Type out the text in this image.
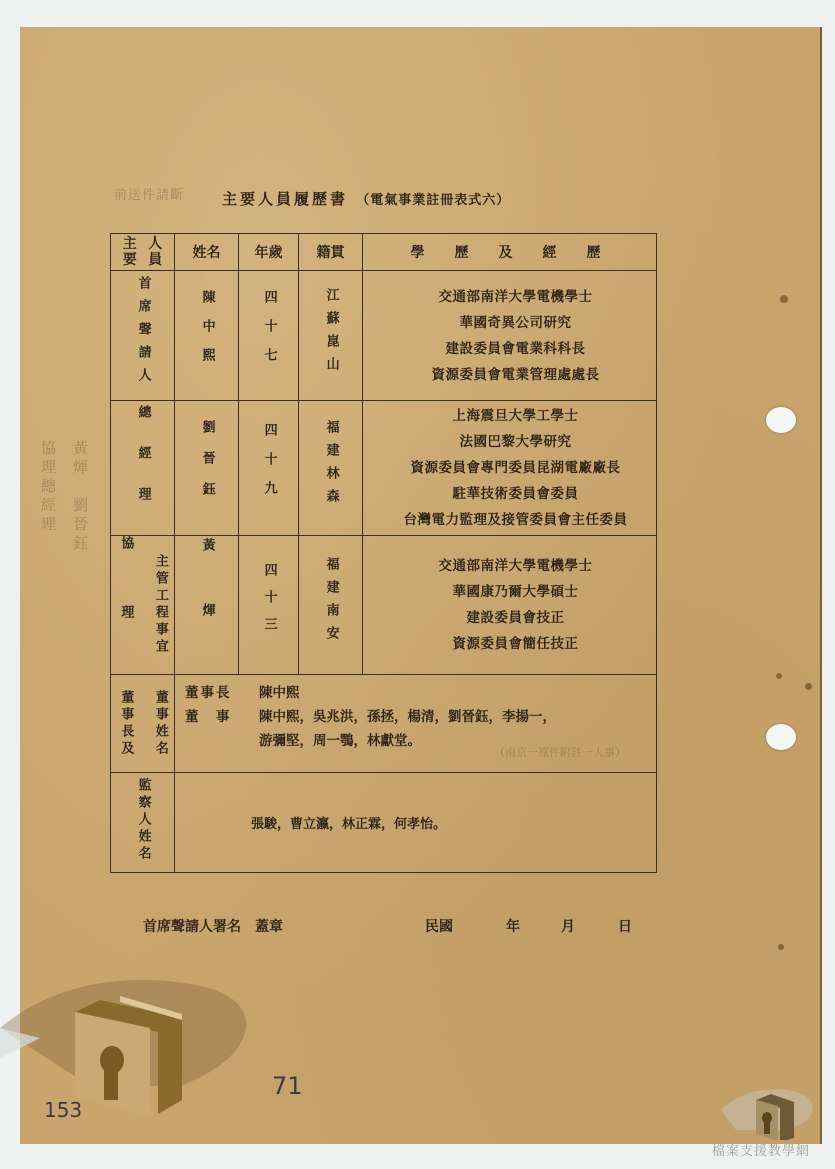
前送件請斷	主要人員履歷書 （電氣事業註冊表式六）
協理總經理 黃煇　劉晉鈺
主 人
要 員	姓名	年歲	籍貫	學　歷　及　經　歷
首席聲請人	陳中熙	四十七	江蘇崑山	交通部南洋大學電機學士
華國奇異公司研究
建設委員會電業科科長
資源委員會電業管理處處長

總經理	劉晉鈺	四十九	福建林森	上海震旦大學工學士
法國巴黎大學研究
資源委員會專門委員昆湖電廠廠長
駐華技術委員會委員
台灣電力監理及接管委員會主任委員

協理 主管工程事宜	黃煇	四十三	福建南安	交通部南洋大學電機學士
華國康乃爾大學碩士
建設委員會技正
資源委員會簡任技正

董事長及 董事姓名	董事長	陳中熙
董　事	陳中熙，吳兆洪，孫拯，楊清，劉晉鈺，李揚一，
游彌堅，周一鶚，林獻堂。
（南京一原件附註一人事）

監察人姓名	張駿，曹立瀛，林正霖，何孝怡。			
首席聲請人署名　蓋章	民國	年	月	日
153
71
檔案支援教學網
